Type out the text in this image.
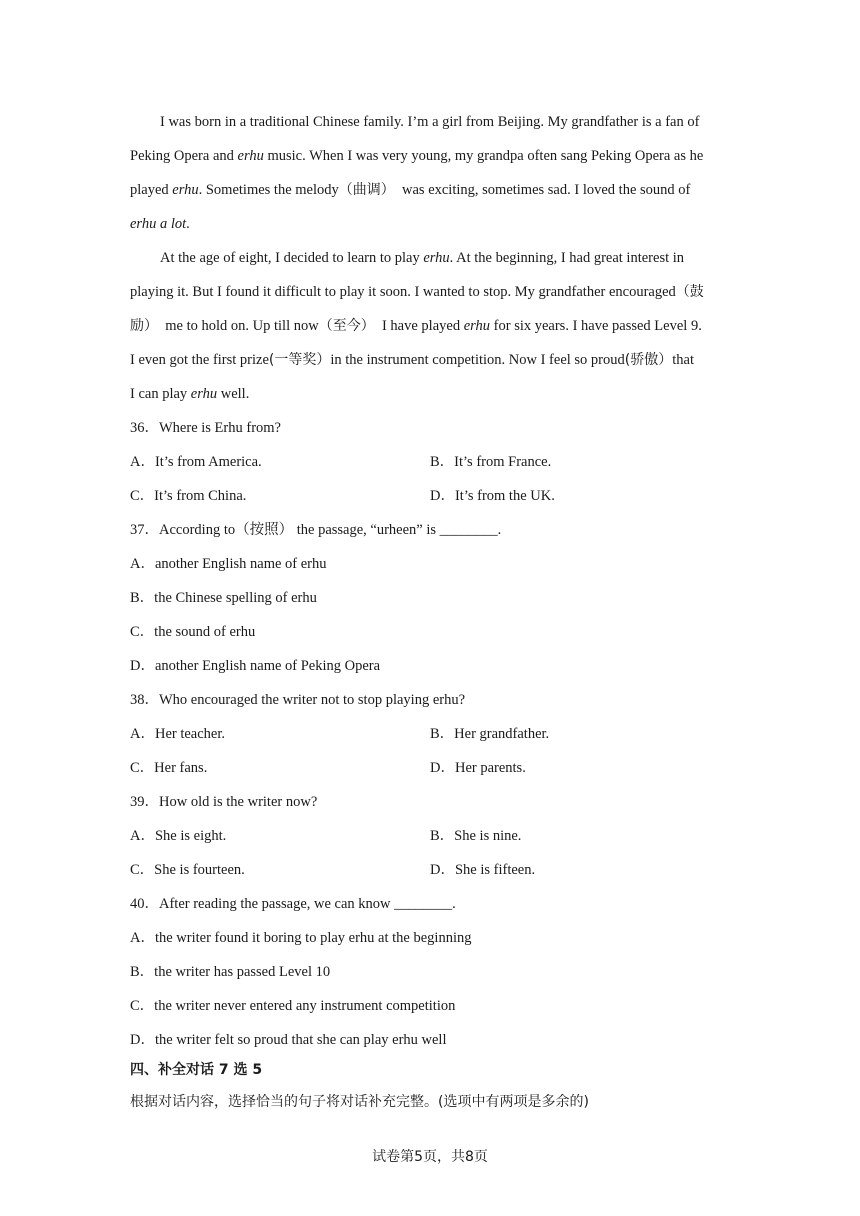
I was born in a traditional Chinese family. I’m a girl from Beijing. My grandfather is a fan of
Peking Opera and erhu music. When I was very young, my grandpa often sang Peking Opera as he
played erhu. Sometimes the melody（曲调）  was exciting, sometimes sad. I loved the sound of
erhu a lot.
At the age of eight, I decided to learn to play erhu. At the beginning, I had great interest in
playing it. But I found it difficult to play it soon. I wanted to stop. My grandfather encouraged（鼓
励）  me to hold on. Up till now（至今）  I have played erhu for six years. I have passed Level 9.
I even got the first prize(一等奖）in the instrument competition. Now I feel so proud(骄傲）that
I can play erhu well.
36．Where is Erhu from?
A．It’s from America.	B．It’s from France.
C．It’s from China.	D．It’s from the UK.
37．According to（按照） the passage, “urheen” is ________.
A．another English name of erhu
B．the Chinese spelling of erhu
C．the sound of erhu
D．another English name of Peking Opera
38．Who encouraged the writer not to stop playing erhu?
A．Her teacher.	B．Her grandfather.
C．Her fans.	D．Her parents.
39．How old is the writer now?
A．She is eight.	B．She is nine.
C．She is fourteen.	D．She is fifteen.
40．After reading the passage, we can know ________.
A．the writer found it boring to play erhu at the beginning
B．the writer has passed Level 10
C．the writer never entered any instrument competition
D．the writer felt so proud that she can play erhu well
四、补全对话 7 选 5
根据对话内容，选择恰当的句子将对话补充完整。(选项中有两项是多余的)
试卷第5页，共8页
